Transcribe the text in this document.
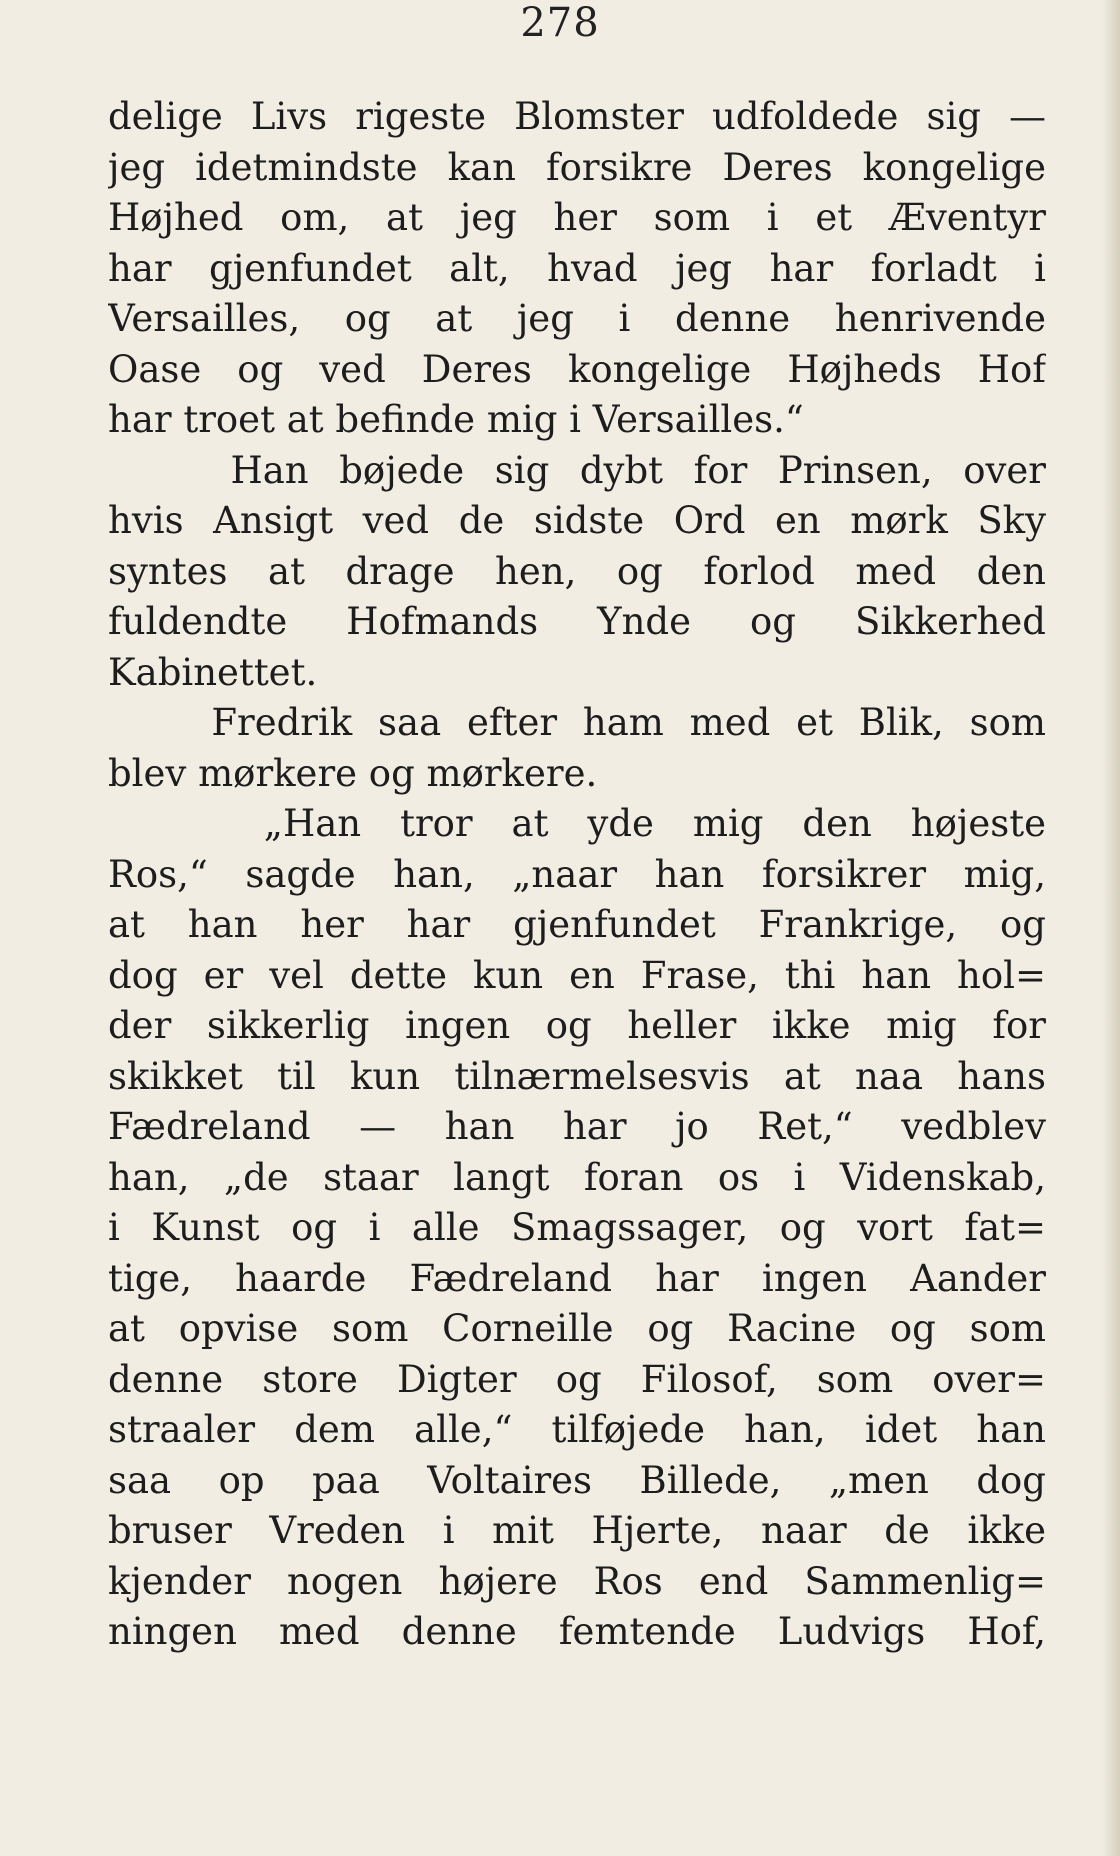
278
delige Livs rigeste Blomster udfoldede sig —
jeg idetmindste kan forsikre Deres kongelige
Højhed om, at jeg her som i et Æventyr
har gjenfundet alt, hvad jeg har forladt i
Versailles, og at jeg i denne henrivende
Oase og ved Deres kongelige Højheds Hof
har troet at befinde mig i Versailles.“
Han bøjede sig dybt for Prinsen, over
hvis Ansigt ved de sidste Ord en mørk Sky
syntes at drage hen, og forlod med den
fuldendte Hofmands Ynde og Sikkerhed
Kabinettet.
Fredrik saa efter ham med et Blik, som
blev mørkere og mørkere.
„Han tror at yde mig den højeste
Ros,“ sagde han, „naar han forsikrer mig,
at han her har gjenfundet Frankrige, og
dog er vel dette kun en Frase, thi han hol=
der sikkerlig ingen og heller ikke mig for
skikket til kun tilnærmelsesvis at naa hans
Fædreland — han har jo Ret,“ vedblev
han, „de staar langt foran os i Videnskab,
i Kunst og i alle Smagssager, og vort fat=
tige, haarde Fædreland har ingen Aander
at opvise som Corneille og Racine og som
denne store Digter og Filosof, som over=
straaler dem alle,“ tilføjede han, idet han
saa op paa Voltaires Billede, „men dog
bruser Vreden i mit Hjerte, naar de ikke
kjender nogen højere Ros end Sammenlig=
ningen med denne femtende Ludvigs Hof,
